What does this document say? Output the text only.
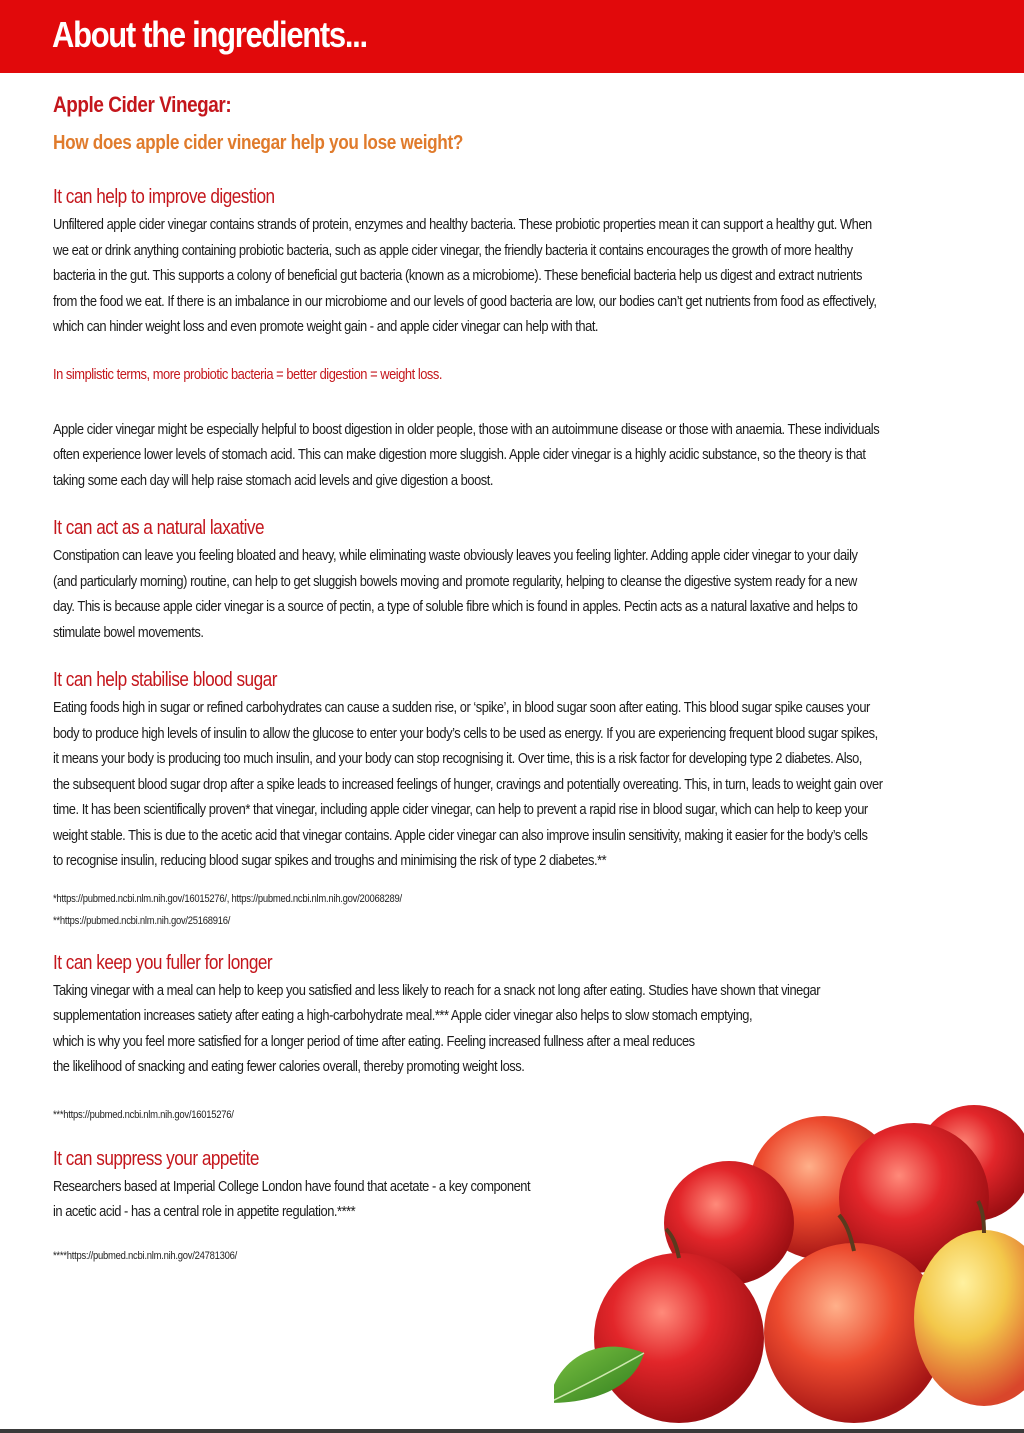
About the ingredients...
Apple Cider Vinegar:
How does apple cider vinegar help you lose weight?
It can help to improve digestion
Unfiltered apple cider vinegar contains strands of protein, enzymes and healthy bacteria. These probiotic properties mean it can support a healthy gut. When
we eat or drink anything containing probiotic bacteria, such as apple cider vinegar, the friendly bacteria it contains encourages the growth of more healthy
bacteria in the gut. This supports a colony of beneficial gut bacteria (known as a microbiome). These beneficial bacteria help us digest and extract nutrients
from the food we eat. If there is an imbalance in our microbiome and our levels of good bacteria are low, our bodies can’t get nutrients from food as effectively,
which can hinder weight loss and even promote weight gain - and apple cider vinegar can help with that.
In simplistic terms, more probiotic bacteria = better digestion = weight loss.
Apple cider vinegar might be especially helpful to boost digestion in older people, those with an autoimmune disease or those with anaemia. These individuals
often experience lower levels of stomach acid. This can make digestion more sluggish. Apple cider vinegar is a highly acidic substance, so the theory is that
taking some each day will help raise stomach acid levels and give digestion a boost.
It can act as a natural laxative
Constipation can leave you feeling bloated and heavy, while eliminating waste obviously leaves you feeling lighter. Adding apple cider vinegar to your daily
(and particularly morning) routine, can help to get sluggish bowels moving and promote regularity, helping to cleanse the digestive system ready for a new
day. This is because apple cider vinegar is a source of pectin, a type of soluble fibre which is found in apples. Pectin acts as a natural laxative and helps to
stimulate bowel movements.
It can help stabilise blood sugar
Eating foods high in sugar or refined carbohydrates can cause a sudden rise, or ‘spike’, in blood sugar soon after eating. This blood sugar spike causes your
body to produce high levels of insulin to allow the glucose to enter your body’s cells to be used as energy. If you are experiencing frequent blood sugar spikes,
it means your body is producing too much insulin, and your body can stop recognising it. Over time, this is a risk factor for developing type 2 diabetes. Also,
the subsequent blood sugar drop after a spike leads to increased feelings of hunger, cravings and potentially overeating. This, in turn, leads to weight gain over
time. It has been scientifically proven* that vinegar, including apple cider vinegar, can help to prevent a rapid rise in blood sugar, which can help to keep your
weight stable. This is due to the acetic acid that vinegar contains. Apple cider vinegar can also improve insulin sensitivity, making it easier for the body’s cells
to recognise insulin, reducing blood sugar spikes and troughs and minimising the risk of type 2 diabetes.**
*https://pubmed.ncbi.nlm.nih.gov/16015276/, https://pubmed.ncbi.nlm.nih.gov/20068289/
**https://pubmed.ncbi.nlm.nih.gov/25168916/
It can keep you fuller for longer
Taking vinegar with a meal can help to keep you satisfied and less likely to reach for a snack not long after eating. Studies have shown that vinegar
supplementation increases satiety after eating a high-carbohydrate meal.*** Apple cider vinegar also helps to slow stomach emptying,
which is why you feel more satisfied for a longer period of time after eating. Feeling increased fullness after a meal reduces
the likelihood of snacking and eating fewer calories overall, thereby promoting weight loss.
***https://pubmed.ncbi.nlm.nih.gov/16015276/
It can suppress your appetite
Researchers based at Imperial College London have found that acetate - a key component
in acetic acid - has a central role in appetite regulation.****
****https://pubmed.ncbi.nlm.nih.gov/24781306/
